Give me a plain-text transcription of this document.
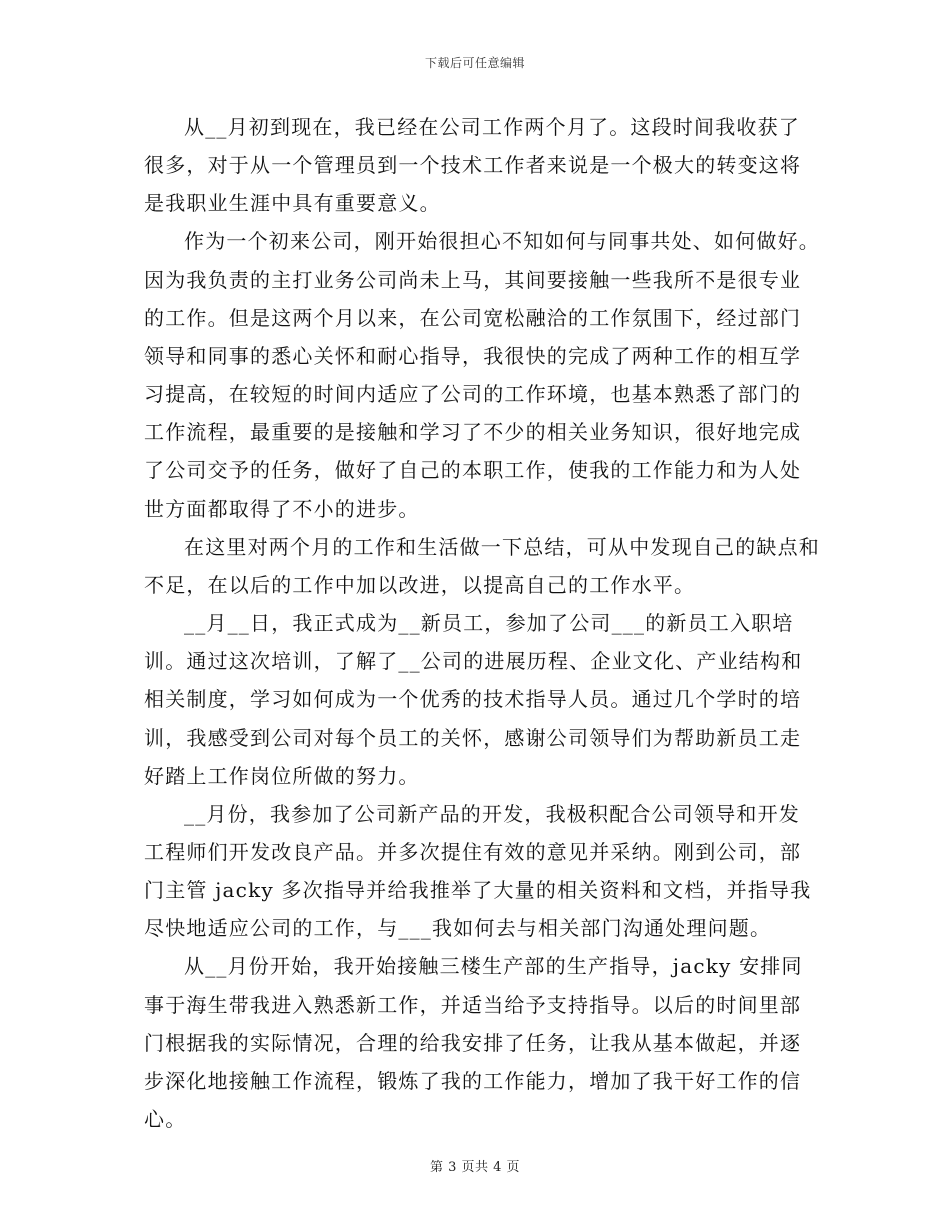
下载后可任意编辑

从__月初到现在，我已经在公司工作两个月了。这段时间我收获了很多，对于从一个管理员到一个技术工作者来说是一个极大的转变这将是我职业生涯中具有重要意义。

作为一个初来公司，刚开始很担心不知如何与同事共处、如何做好。因为我负责的主打业务公司尚未上马，其间要接触一些我所不是很专业的工作。但是这两个月以来，在公司宽松融洽的工作氛围下，经过部门领导和同事的悉心关怀和耐心指导，我很快的完成了两种工作的相互学习提高，在较短的时间内适应了公司的工作环境，也基本熟悉了部门的工作流程，最重要的是接触和学习了不少的相关业务知识，很好地完成了公司交予的任务，做好了自己的本职工作，使我的工作能力和为人处世方面都取得了不小的进步。

在这里对两个月的工作和生活做一下总结，可从中发现自己的缺点和不足，在以后的工作中加以改进，以提高自己的工作水平。

__月__日，我正式成为__新员工，参加了公司___的新员工入职培训。通过这次培训，了解了__公司的进展历程、企业文化、产业结构和相关制度，学习如何成为一个优秀的技术指导人员。通过几个学时的培训，我感受到公司对每个员工的关怀，感谢公司领导们为帮助新员工走好踏上工作岗位所做的努力。

__月份，我参加了公司新产品的开发，我极积配合公司领导和开发工程师们开发改良产品。并多次提住有效的意见并采纳。刚到公司，部门主管 jacky 多次指导并给我推举了大量的相关资料和文档，并指导我尽快地适应公司的工作，与___我如何去与相关部门沟通处理问题。

从__月份开始，我开始接触三楼生产部的生产指导，jacky 安排同事于海生带我进入熟悉新工作，并适当给予支持指导。以后的时间里部门根据我的实际情况，合理的给我安排了任务，让我从基本做起，并逐步深化地接触工作流程，锻炼了我的工作能力，增加了我干好工作的信心。

第 3 页共 4 页
